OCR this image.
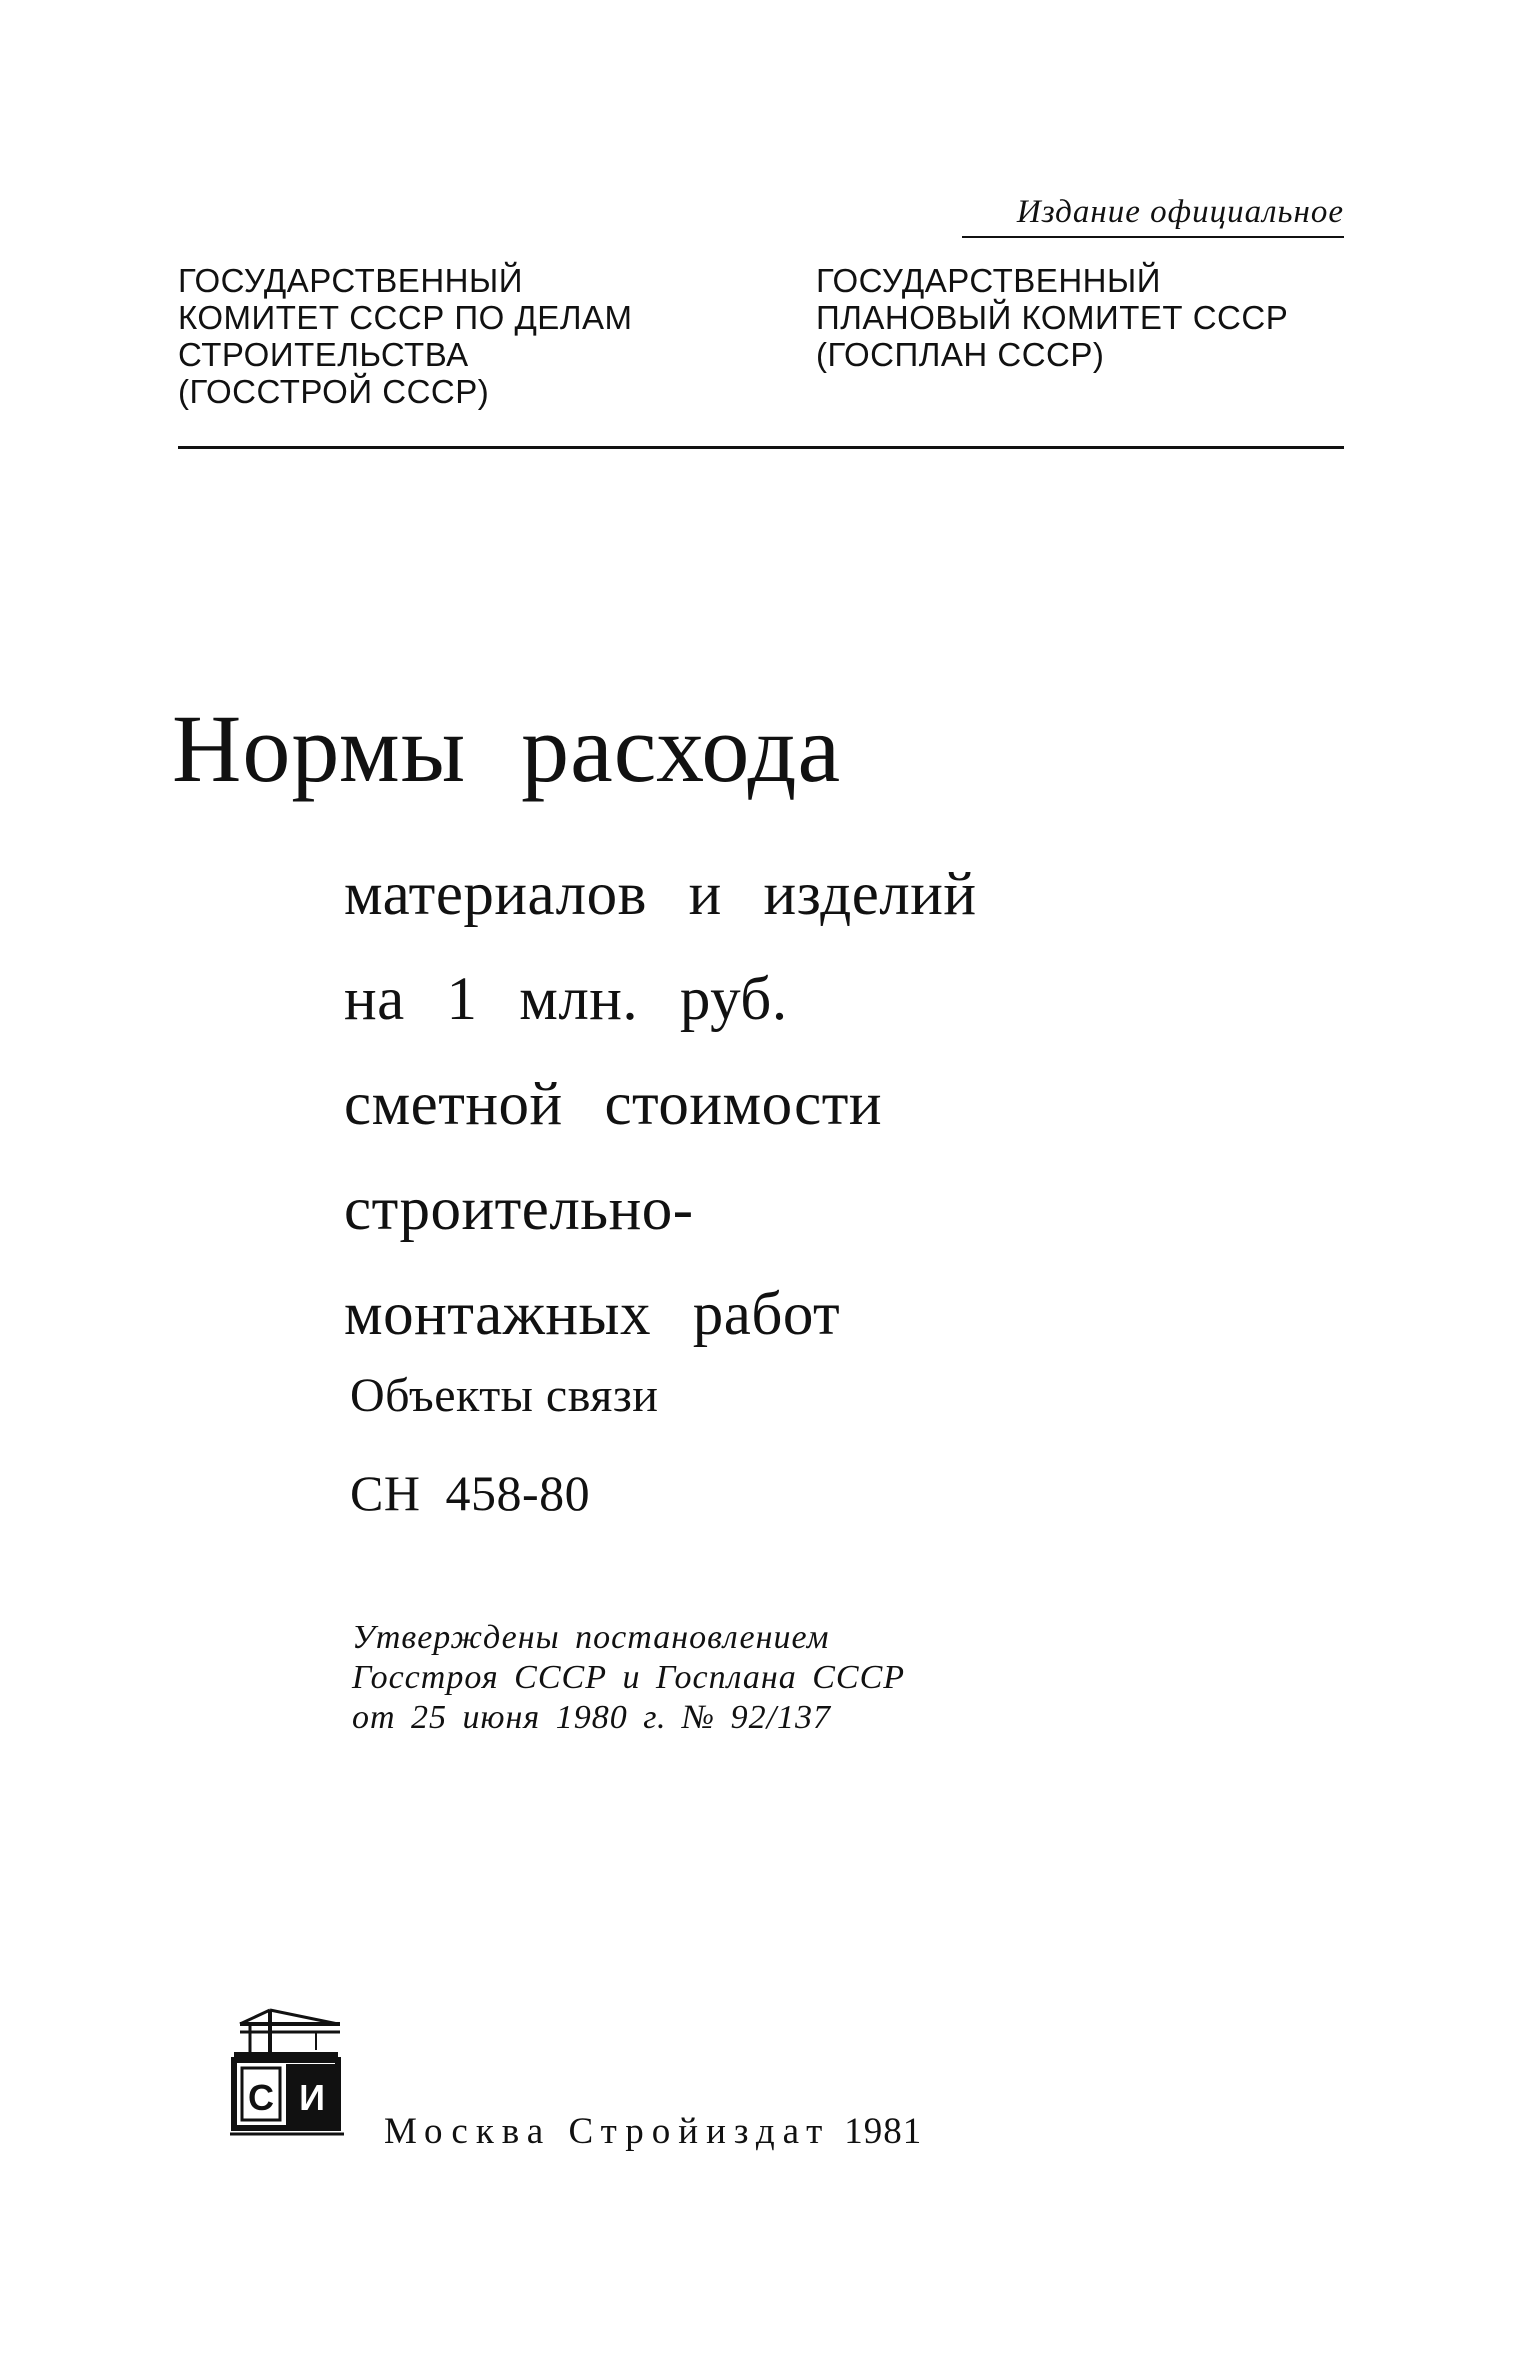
Издание официальное
ГОСУДАРСТВЕННЫЙ
КОМИТЕТ СССР ПО ДЕЛАМ
СТРОИТЕЛЬСТВА
(ГОССТРОЙ СССР)
ГОСУДАРСТВЕННЫЙ
ПЛАНОВЫЙ КОМИТЕТ СССР
(ГОСПЛАН СССР)
Нормы расхода
материалов и изделий
на 1 млн. руб.
сметной стоимости
строительно-
монтажных работ
Объекты связи
СН 458-80
Утверждены постановлением
Госстроя СССР и Госплана СССР
от 25 июня 1980 г. № 92/137
С И
Москва Стройиздат 1981
